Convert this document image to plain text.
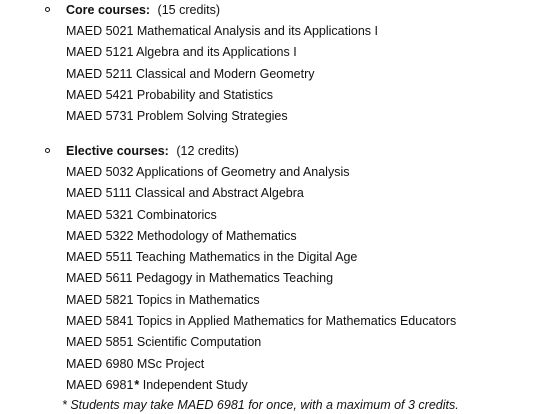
Core courses: (15 credits)
MAED 5021 Mathematical Analysis and its Applications I
MAED 5121 Algebra and its Applications I
MAED 5211 Classical and Modern Geometry
MAED 5421 Probability and Statistics
MAED 5731 Problem Solving Strategies
Elective courses: (12 credits)
MAED 5032 Applications of Geometry and Analysis
MAED 5111 Classical and Abstract Algebra
MAED 5321 Combinatorics
MAED 5322 Methodology of Mathematics
MAED 5511 Teaching Mathematics in the Digital Age
MAED 5611 Pedagogy in Mathematics Teaching
MAED 5821 Topics in Mathematics
MAED 5841 Topics in Applied Mathematics for Mathematics Educators
MAED 5851 Scientific Computation
MAED 6980 MSc Project
MAED 6981* Independent Study
* Students may take MAED 6981 for once, with a maximum of 3 credits.
